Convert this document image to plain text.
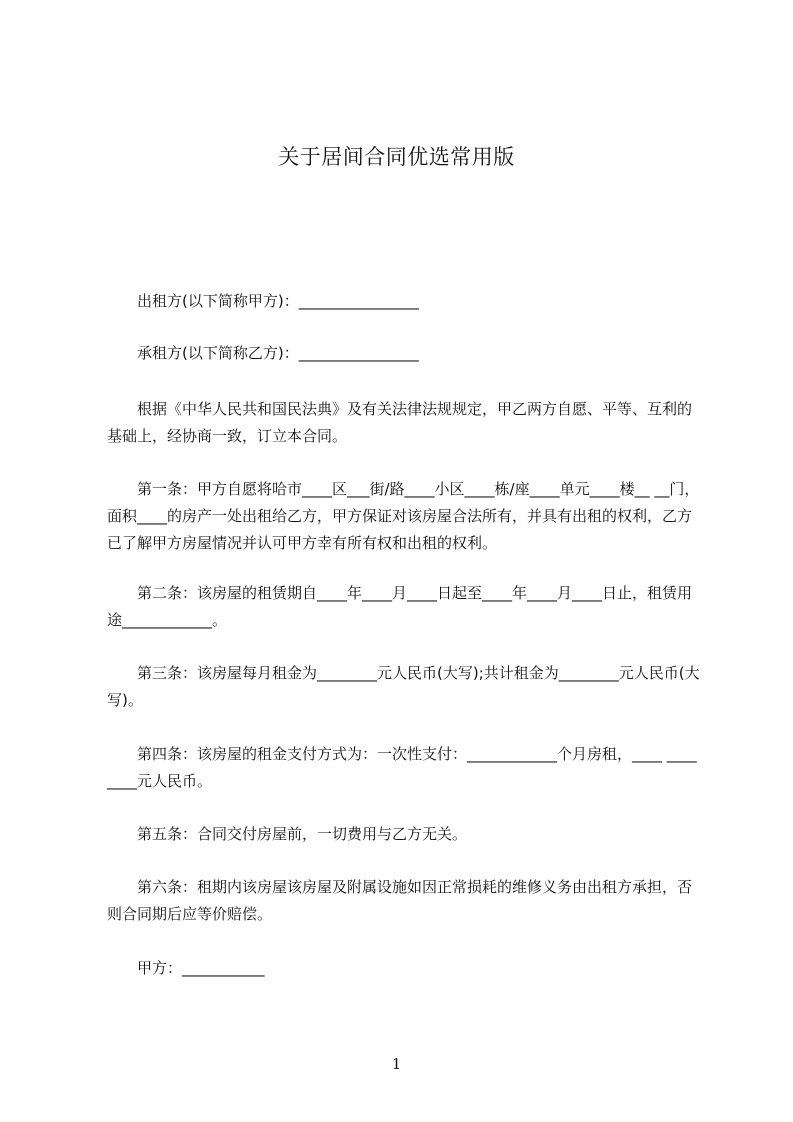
关于居间合同优选常用版

出租方(以下简称甲方)：________________

承租方(以下简称乙方)：________________

根据《中华人民共和国民法典》及有关法律法规规定，甲乙两方自愿、平等、互利的基础上，经协商一致，订立本合同。

第一条：甲方自愿将哈市____区___街/路____小区____栋/座____单元____楼__ __门，面积____的房产一处出租给乙方，甲方保证对该房屋合法所有，并具有出租的权利，乙方已了解甲方房屋情况并认可甲方幸有所有权和出租的权利。

第二条：该房屋的租赁期自____年____月____日起至____年____月____日止，租赁用途____________。

第三条：该房屋每月租金为________元人民币(大写);共计租金为________元人民币(大写)。

第四条：该房屋的租金支付方式为：一次性支付：____________个月房租，____ ________元人民币。

第五条：合同交付房屋前，一切费用与乙方无关。

第六条：租期内该房屋该房屋及附属设施如因正常损耗的维修义务由出租方承担，否则合同期后应等价赔偿。

甲方：___________

1
